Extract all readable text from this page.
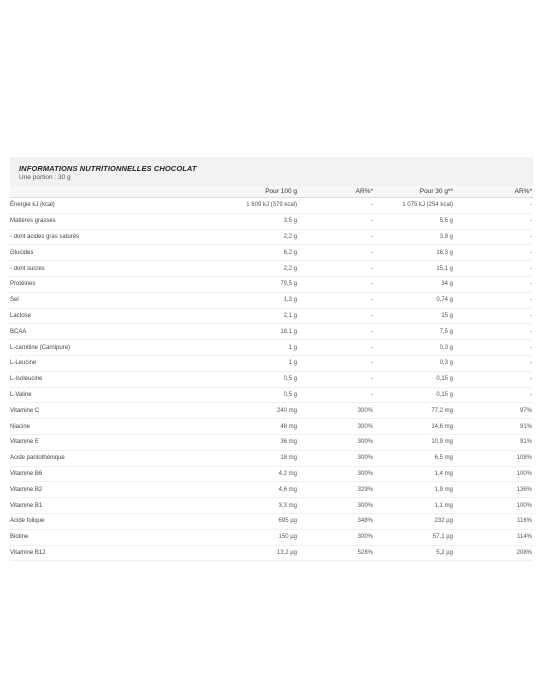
INFORMATIONS NUTRITIONNELLES CHOCOLAT
Une portion : 30 g
	Pour 100 g	AR%*	Pour 30 g**	AR%*
Énergie kJ (kcal)	1 609 kJ (379 kcal)	-	1 075 kJ (254 kcal)	-
Matières grasses	3,5 g	-	5,6 g	-
- dont acides gras saturés	2,2 g	-	3,9 g	-
Glucides	6,2 g	-	16,3 g	-
- dont sucres	2,2 g	-	15,1 g	-
Protéines	79,5 g	-	34 g	-
Sel	1,3 g	-	0,74 g	-
Lactose	2,1 g	-	15 g	-
BCAA	18,1 g	-	7,5 g	-
L-carnitine (Carnipure)	1 g	-	0,3 g	-
L-Leucine	1 g	-	0,3 g	-
L-Isoleucine	0,5 g	-	0,15 g	-
L-Valine	0,5 g	-	0,15 g	-
Vitamine C	240 mg	300%	77,2 mg	97%
Niacine	48 mg	300%	14,6 mg	91%
Vitamine E	36 mg	300%	10,9 mg	91%
Acide pantothénique	18 mg	300%	6,5 mg	108%
Vitamine B6	4,2 mg	300%	1,4 mg	100%
Vitamine B2	4,6 mg	329%	1,9 mg	136%
Vitamine B1	3,3 mg	300%	1,1 mg	100%
Acide folique	695 µg	348%	232 µg	116%
Biotine	150 µg	300%	57,1 µg	114%
Vitamine B12	13,2 µg	528%	5,2 µg	208%
